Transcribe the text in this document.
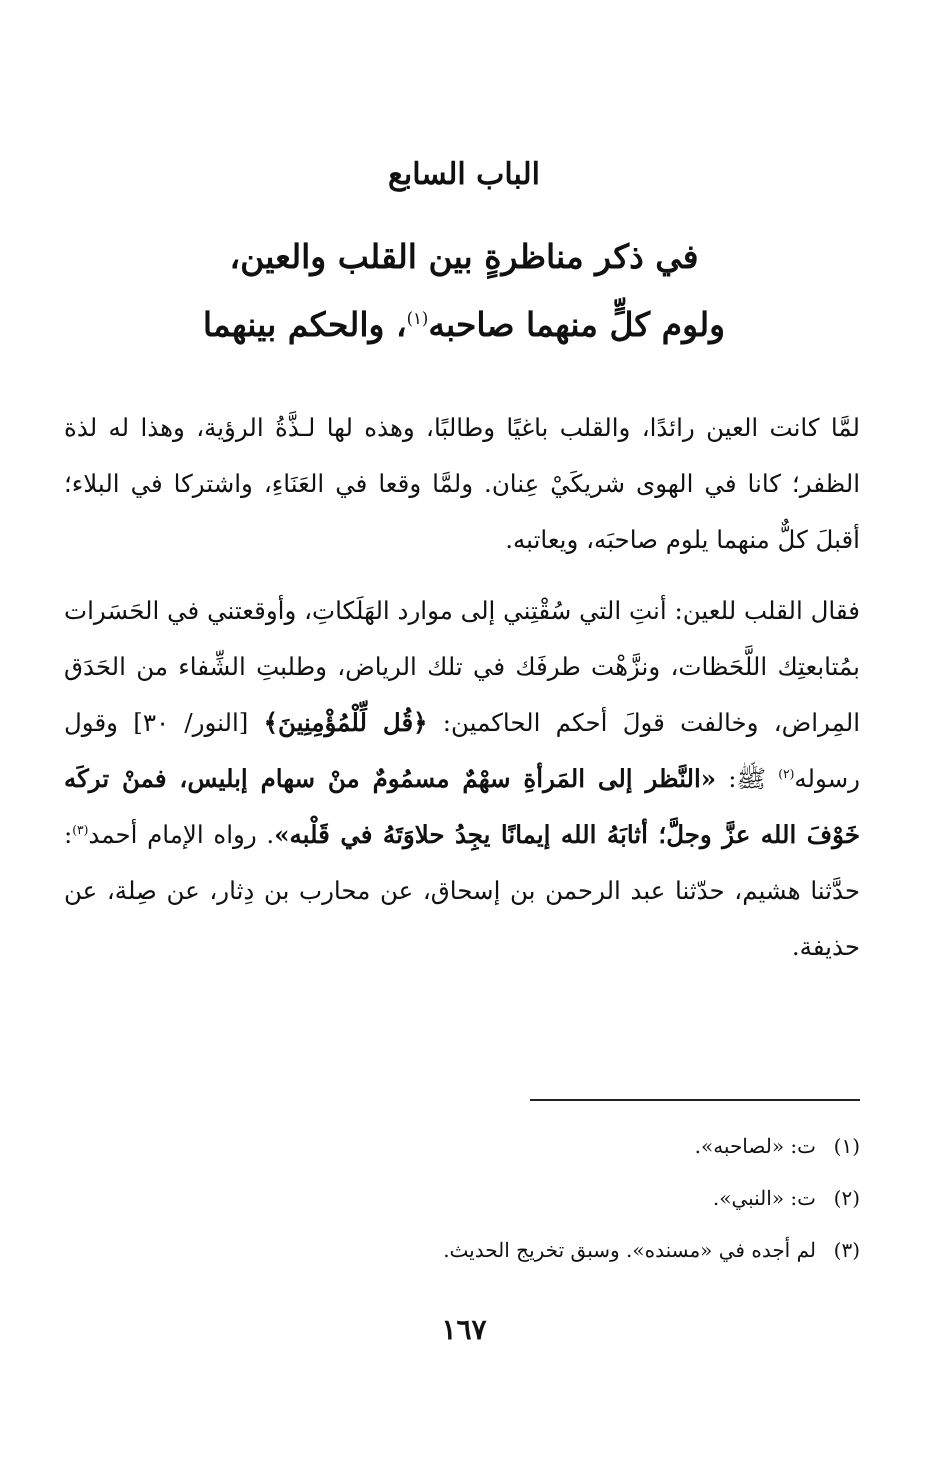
الباب السابع
في ذكر مناظرةٍ بين القلب والعين،
ولوم كلٍّ منهما صاحبه$^{(١)}$، والحكم بينهما

لمَّا كانت العين رائدًا، والقلب باغيًا وطالبًا، وهذه لها لـذَّةُ الرؤية، وهذا له لذة الظفر؛ كانا في الهوى شريكَيْ عِنان. ولمَّا وقعا في العَنَاءِ، واشتركا في البلاء؛ أقبلَ كلٌّ منهما يلوم صاحبَه، ويعاتبه.

فقال القلب للعين: أنتِ التي سُقْتِني إلى موارد الهَلَكاتِ، وأوقعتني في الحَسَرات بمُتابعتِك اللَّحَظات، ونزَّهْت طرفَك في تلك الرياض، وطلبتِ الشِّفاء من الحَدَق المِراض، وخالفت قولَ أحكم الحاكمين: ﴿قُل لِّلْمُؤْمِنِينَ﴾ [النور/ ٣٠] وقول رسوله$^{(٢)}$ ﷺ: «النَّظر إلى المَرأةِ سهْمٌ مسمُومٌ منْ سهام إبليس، فمنْ تركَه خَوْفَ الله عزَّ وجلَّ؛ أثابَهُ الله إيمانًا يجِدُ حلاوَتَهُ في قَلْبه». رواه الإمام أحمد$^{(٣)}$: حدَّثنا هشيم، حدّثنا عبد الرحمن بن إسحاق، عن محارب بن دِثار، عن صِلة، عن حذيفة.

(١)ت: «لصاحبه».
(٢)ت: «النبي».
(٣)لم أجده في «مسنده». وسبق تخريج الحديث.
١٦٧
